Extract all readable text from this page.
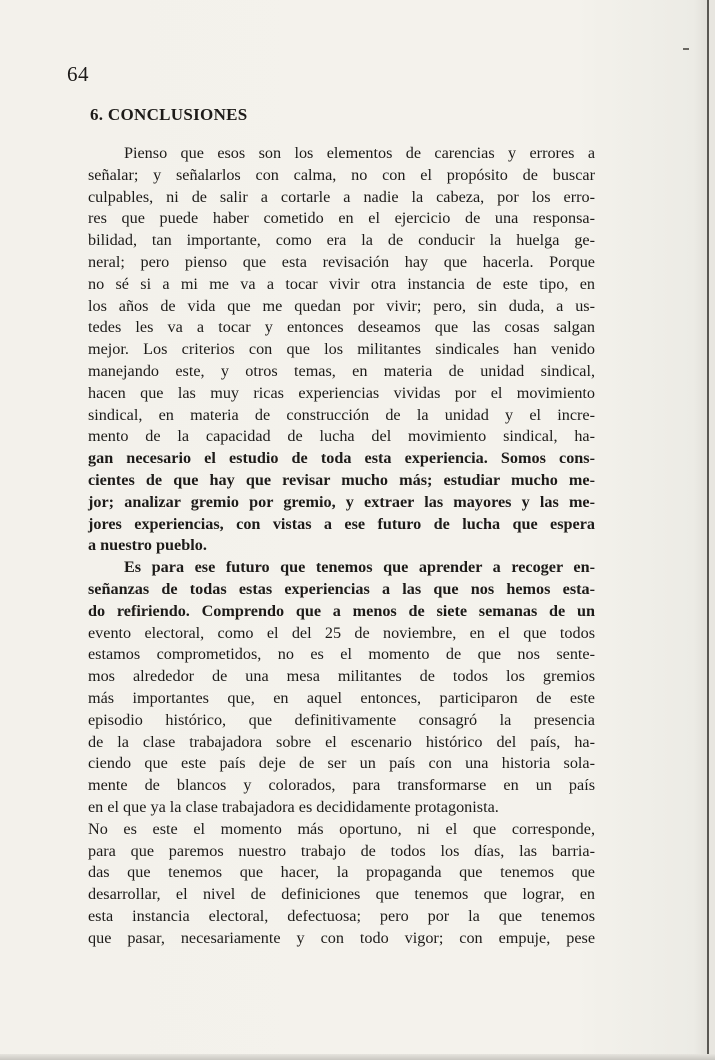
64
6. CONCLUSIONES
Pienso que esos son los elementos de carencias y errores a
señalar; y señalarlos con calma, no con el propósito de buscar
culpables, ni de salir a cortarle a nadie la cabeza, por los erro-
res que puede haber cometido en el ejercicio de una responsa-
bilidad, tan importante, como era la de conducir la huelga ge-
neral; pero pienso que esta revisación hay que hacerla. Porque
no sé si a mi me va a tocar vivir otra instancia de este tipo, en
los años de vida que me quedan por vivir; pero, sin duda, a us-
tedes les va a tocar y entonces deseamos que las cosas salgan
mejor. Los criterios con que los militantes sindicales han venido
manejando este, y otros temas, en materia de unidad sindical,
hacen que las muy ricas experiencias vividas por el movimiento
sindical, en materia de construcción de la unidad y el incre-
mento de la capacidad de lucha del movimiento sindical, ha-
gan necesario el estudio de toda esta experiencia. Somos cons-
cientes de que hay que revisar mucho más; estudiar mucho me-
jor; analizar gremio por gremio, y extraer las mayores y las me-
jores experiencias, con vistas a ese futuro de lucha que espera
a nuestro pueblo.
Es para ese futuro que tenemos que aprender a recoger en-
señanzas de todas estas experiencias a las que nos hemos esta-
do refiriendo. Comprendo que a menos de siete semanas de un
evento electoral, como el del 25 de noviembre, en el que todos
estamos comprometidos, no es el momento de que nos sente-
mos alrededor de una mesa militantes de todos los gremios
más importantes que, en aquel entonces, participaron de este
episodio histórico, que definitivamente consagró la presencia
de la clase trabajadora sobre el escenario histórico del país, ha-
ciendo que este país deje de ser un país con una historia sola-
mente de blancos y colorados, para transformarse en un país
en el que ya la clase trabajadora es decididamente protagonista.
No es este el momento más oportuno, ni el que corresponde,
para que paremos nuestro trabajo de todos los días, las barria-
das que tenemos que hacer, la propaganda que tenemos que
desarrollar, el nivel de definiciones que tenemos que lograr, en
esta instancia electoral, defectuosa; pero por la que tenemos
que pasar, necesariamente y con todo vigor; con empuje, pese
